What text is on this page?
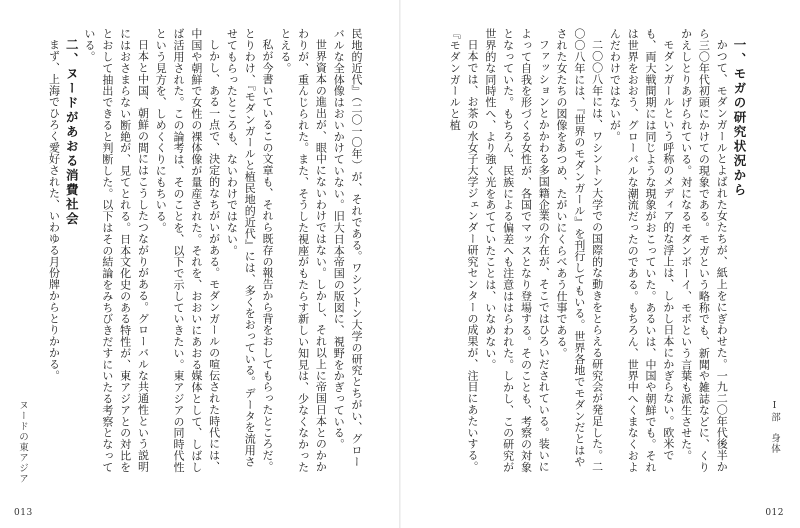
一、モガの研究状況から
かつて、モダンガールとよばれた女たちが、紙上をにぎわせた。一九二〇年代後半から三〇年代初頭にかけての現象である。モガという略称でも、新聞や雑誌などに、くりかえしとりあげられている。対になるモダンボーイ、モボという言葉も派生させた。
モダンガールという呼称のメディア的な浮上は、しかし日本にかぎらない。欧米でも、両大戦間期には同じような現象がおこっていた。あるいは、中国や朝鮮でも。それは世界をおおう、グローバルな潮流だったのである。もちろん、世界中へくまなくおよんだわけではないが。
二〇〇八年には、ワシントン大学での国際的な動きをとらえる研究会が発足した。二〇〇八年には、『世界のモダンガール』を刊行してもいる。世界各地でモダンだとはやされた女たちの図像をあつめ、たがいにくらべあう仕事である。
ファッションとかかわる多国籍企業の介在が、そこではひろいだされている。装いによって自我を形づくる女性が、各国でマッスとなり登場する。そのことも、考察の対象となっていた。もちろん、民族による偏差へも注意ははらわれた。しかし、この研究が世界的な同時性へ、より強く光をあてていたことは、いなめない。
日本では、お茶の水女子大学ジェンダー研究センターの成果が、注目にあたいする。『モダンガールと植
I部　身体
012
民地的近代』（二〇一〇年）が、それである。ワシントン大学の研究とちがい、グローバルな全体像はおいかけていない。旧大日本帝国の版図に、視野をかぎっている。
世界資本の進出が、眼中にないわけではない。しかし、それ以上に帝国日本とのかかわりが、重んじられた。また、そうした視座がもたらす新しい知見は、少なくなかったとえる。
私が今書いているこの文章も、それら既存の報告から背をおしてもらったところだ。とりわけ、『モダンガールと植民地的近代』には、多くをおっている。データを流用させてもらったところも、ないわけではない。
しかし、ある一点で、決定的なちがいがある。モダンガールの喧伝された時代には、中国や朝鮮で女性の裸体像が量産された。それを、おおいにあおる媒体として、しばしば活用された。この論考は、そのことを、以下で示していきたい。東アジアの同時代性という見方を、しめくくりにもちいる。
日本と中国、朝鮮の間にはこうしたつながりがある。グローバルな共通性という説明にはおさまらない断絶が、見てとれる。日本文化史のある特性が、東アジアとの対比をとおして抽出できると判断した。以下はその結論をみちびきだすにいたる考察となっている。
二、ヌードがあおる消費社会
まず、上海でひろく愛好された、いわゆる月份牌からとりかかる。
ヌードの東アジア
013
